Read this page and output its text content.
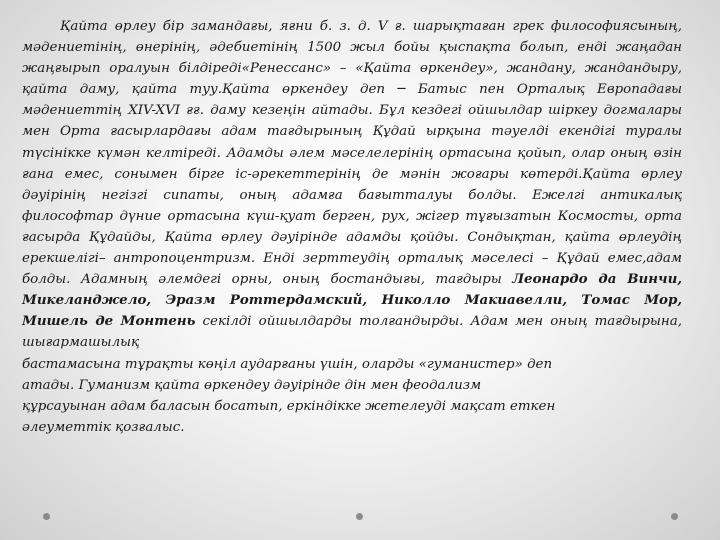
Қайта өрлеу бір замандағы, яғни б. з. д. V ғ. шарықтаған грек философиясының, мәдениетінің, өнерінің, әдебиетінің 1500 жыл бойы қыспақта болып, енді жаңадан жаңғырып оралуын білдіреді«Ренессанс» – «Қайта өркендеу», жандану, жандандыру, қайта даму, қайта туу.Қайта өркендеу деп ─ Батыс пен Орталық Европадағы мәдениеттің XIV-XVI ғғ. даму кезеңін айтады. Бұл кездегі ойшылдар шіркеу догмалары мен Орта ғасырлардағы адам тағдырының Құдай ырқына тәуелді екендігі туралы түсінікке күмән келтіреді. Адамды әлем мәселелерінің ортасына қойып, олар оның өзін ғана емес, сонымен бірге іс-әрекеттерінің де мәнін жоғары көтерді.Қайта өрлеу дәуірінің негізгі сипаты, оның адамға бағытталуы болды. Ежелгі антикалық философтар дүние ортасына күш-қуат берген, рух, жігер тұғызатын Космосты, орта ғасырда Құдайды, Қайта өрлеу дәуірінде адамды қойды. Сондықтан, қайта өрлеудің ерекшелігі– антропоцентризм. Енді зерттеудің орталық мәселесі – Құдай емес,адам болды. Адамның әлемдегі орны, оның бостандығы, тағдыры Леонардо да Винчи, Микеланджело, Эразм Роттердамский, Николло Макиавелли, Томас Мор, Мишель де Монтень секілді ойшылдарды толғандырды. Адам мен оның тағдырына, шығармашылық
бастамасына тұрақты көңіл аударғаны үшін, оларды «гуманистер» деп
атады. Гуманизм қайта өркендеу дәуірінде дін мен феодализм
құрсауынан адам баласын босатып, еркіндікке жетелеуді мақсат еткен
әлеуметтік қозғалыс.
